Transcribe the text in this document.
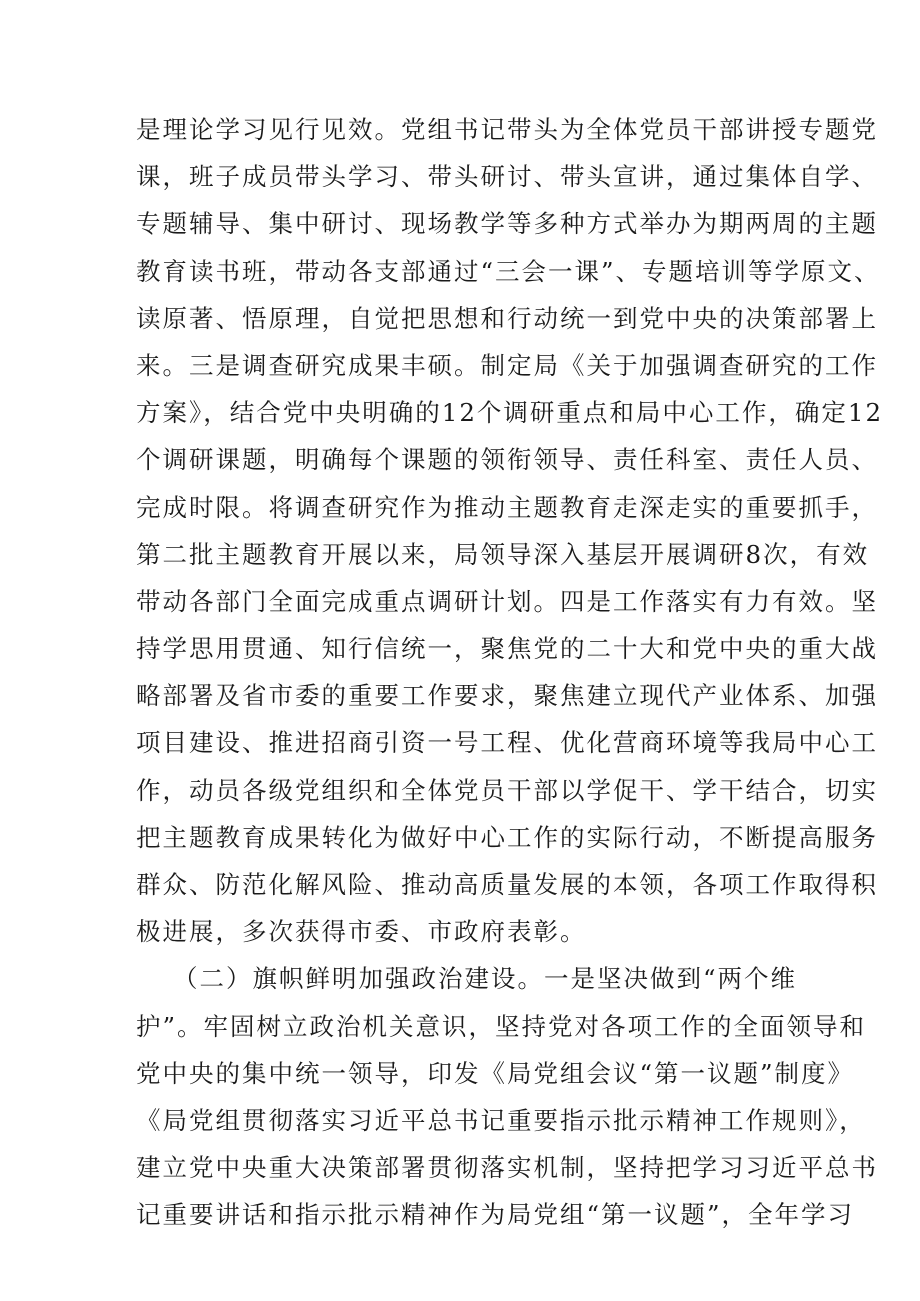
是理论学习见行见效。党组书记带头为全体党员干部讲授专题党
课，班子成员带头学习、带头研讨、带头宣讲，通过集体自学、
专题辅导、集中研讨、现场教学等多种方式举办为期两周的主题
教育读书班，带动各支部通过“三会一课”、专题培训等学原文、
读原著、悟原理，自觉把思想和行动统一到党中央的决策部署上
来。三是调查研究成果丰硕。制定局《关于加强调查研究的工作
方案》，结合党中央明确的12个调研重点和局中心工作，确定12
个调研课题，明确每个课题的领衔领导、责任科室、责任人员、
完成时限。将调查研究作为推动主题教育走深走实的重要抓手，
第二批主题教育开展以来，局领导深入基层开展调研8次，有效
带动各部门全面完成重点调研计划。四是工作落实有力有效。坚
持学思用贯通、知行信统一，聚焦党的二十大和党中央的重大战
略部署及省市委的重要工作要求，聚焦建立现代产业体系、加强
项目建设、推进招商引资一号工程、优化营商环境等我局中心工
作，动员各级党组织和全体党员干部以学促干、学干结合，切实
把主题教育成果转化为做好中心工作的实际行动，不断提高服务
群众、防范化解风险、推动高质量发展的本领，各项工作取得积
极进展，多次获得市委、市政府表彰。
（二）旗帜鲜明加强政治建设。一是坚决做到“两个维
护”。牢固树立政治机关意识，坚持党对各项工作的全面领导和
党中央的集中统一领导，印发《局党组会议“第一议题”制度》
《局党组贯彻落实习近平总书记重要指示批示精神工作规则》，
建立党中央重大决策部署贯彻落实机制，坚持把学习习近平总书
记重要讲话和指示批示精神作为局党组“第一议题”，全年学习
